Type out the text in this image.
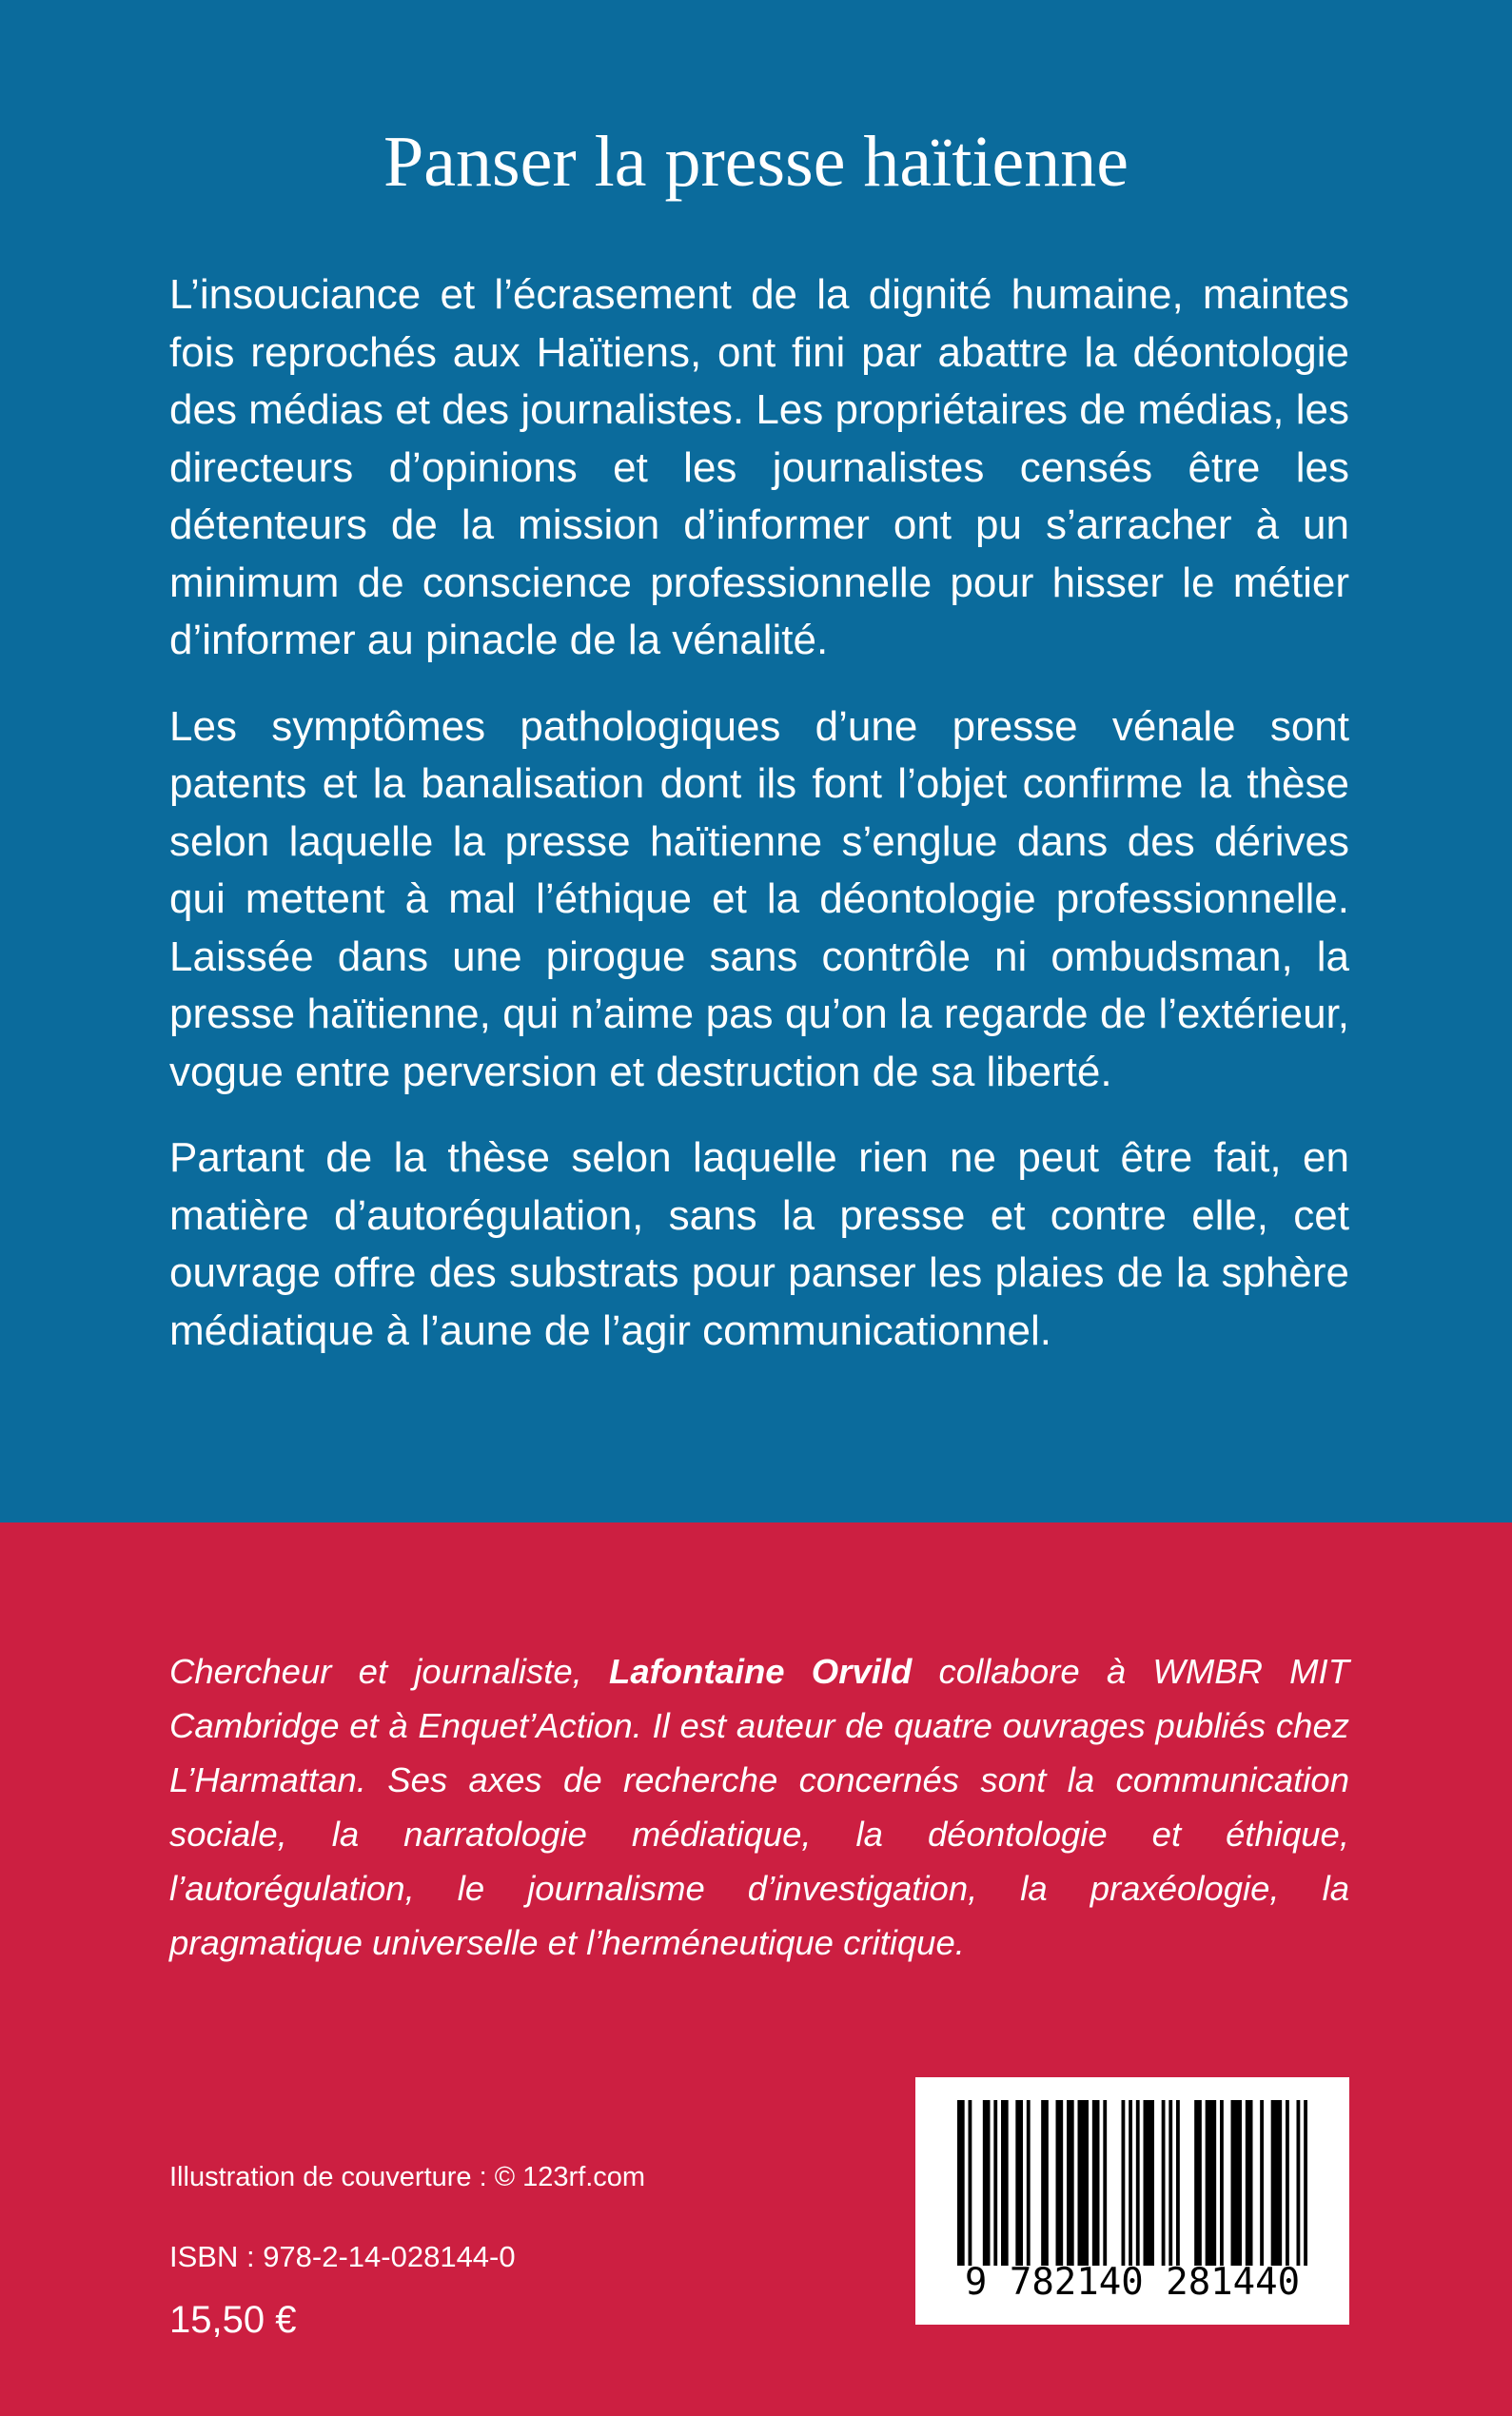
Panser la presse haïtienne

L’insouciance et l’écrasement de la dignité humaine, maintes fois reprochés aux Haïtiens, ont fini par abattre la déontologie des médias et des journalistes. Les propriétaires de médias, les directeurs d’opinions et les journalistes censés être les détenteurs de la mission d’informer ont pu s’arracher à un minimum de conscience professionnelle pour hisser le métier d’informer au pinacle de la vénalité.

Les symptômes pathologiques d’une presse vénale sont patents et la banalisation dont ils font l’objet confirme la thèse selon laquelle la presse haïtienne s’englue dans des dérives qui mettent à mal l’éthique et la déontologie professionnelle. Laissée dans une pirogue sans contrôle ni ombudsman, la presse haïtienne, qui n’aime pas qu’on la regarde de l’extérieur, vogue entre perversion et destruction de sa liberté.

Partant de la thèse selon laquelle rien ne peut être fait, en matière d’autorégulation, sans la presse et contre elle, cet ouvrage offre des substrats pour panser les plaies de la sphère médiatique à l’aune de l’agir communicationnel.

Chercheur et journaliste, Lafontaine Orvild collabore à WMBR MIT Cambridge et à Enquet’Action. Il est auteur de quatre ouvrages publiés chez L’Harmattan. Ses axes de recherche concernés sont la communication sociale, la narratologie médiatique, la déontologie et éthique, l’autorégulation, le journalisme d’investigation, la praxéologie, la pragmatique universelle et l’herméneutique critique.

Illustration de couverture : © 123rf.com
ISBN : 978-2-14-028144-0
15,50 €
9 782140 281440
